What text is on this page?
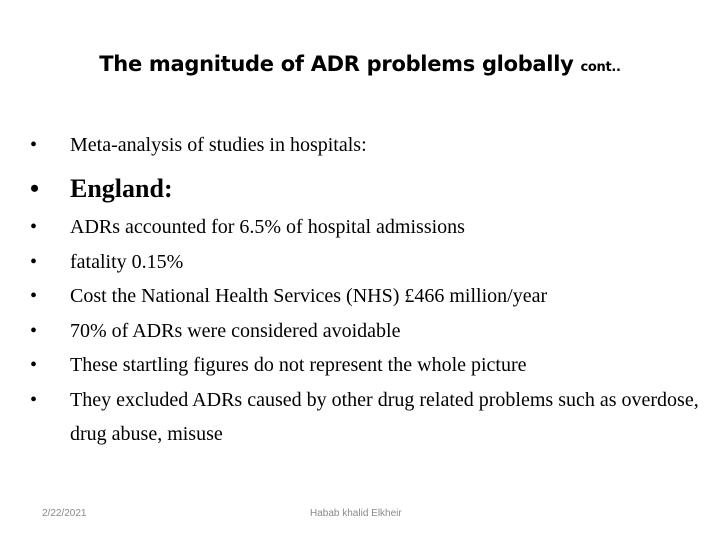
The magnitude of ADR problems globally cont..
•	Meta-analysis of studies in hospitals:
•	England:
•	ADRs accounted for 6.5% of hospital admissions
•	fatality 0.15%
•	Cost the National Health Services (NHS) £466 million/year
•	70% of ADRs were considered avoidable
•	These startling figures do not represent the whole picture
•	They excluded ADRs caused by other drug related problems such as overdose, drug abuse, misuse
2/22/2021	Habab khalid Elkheir
